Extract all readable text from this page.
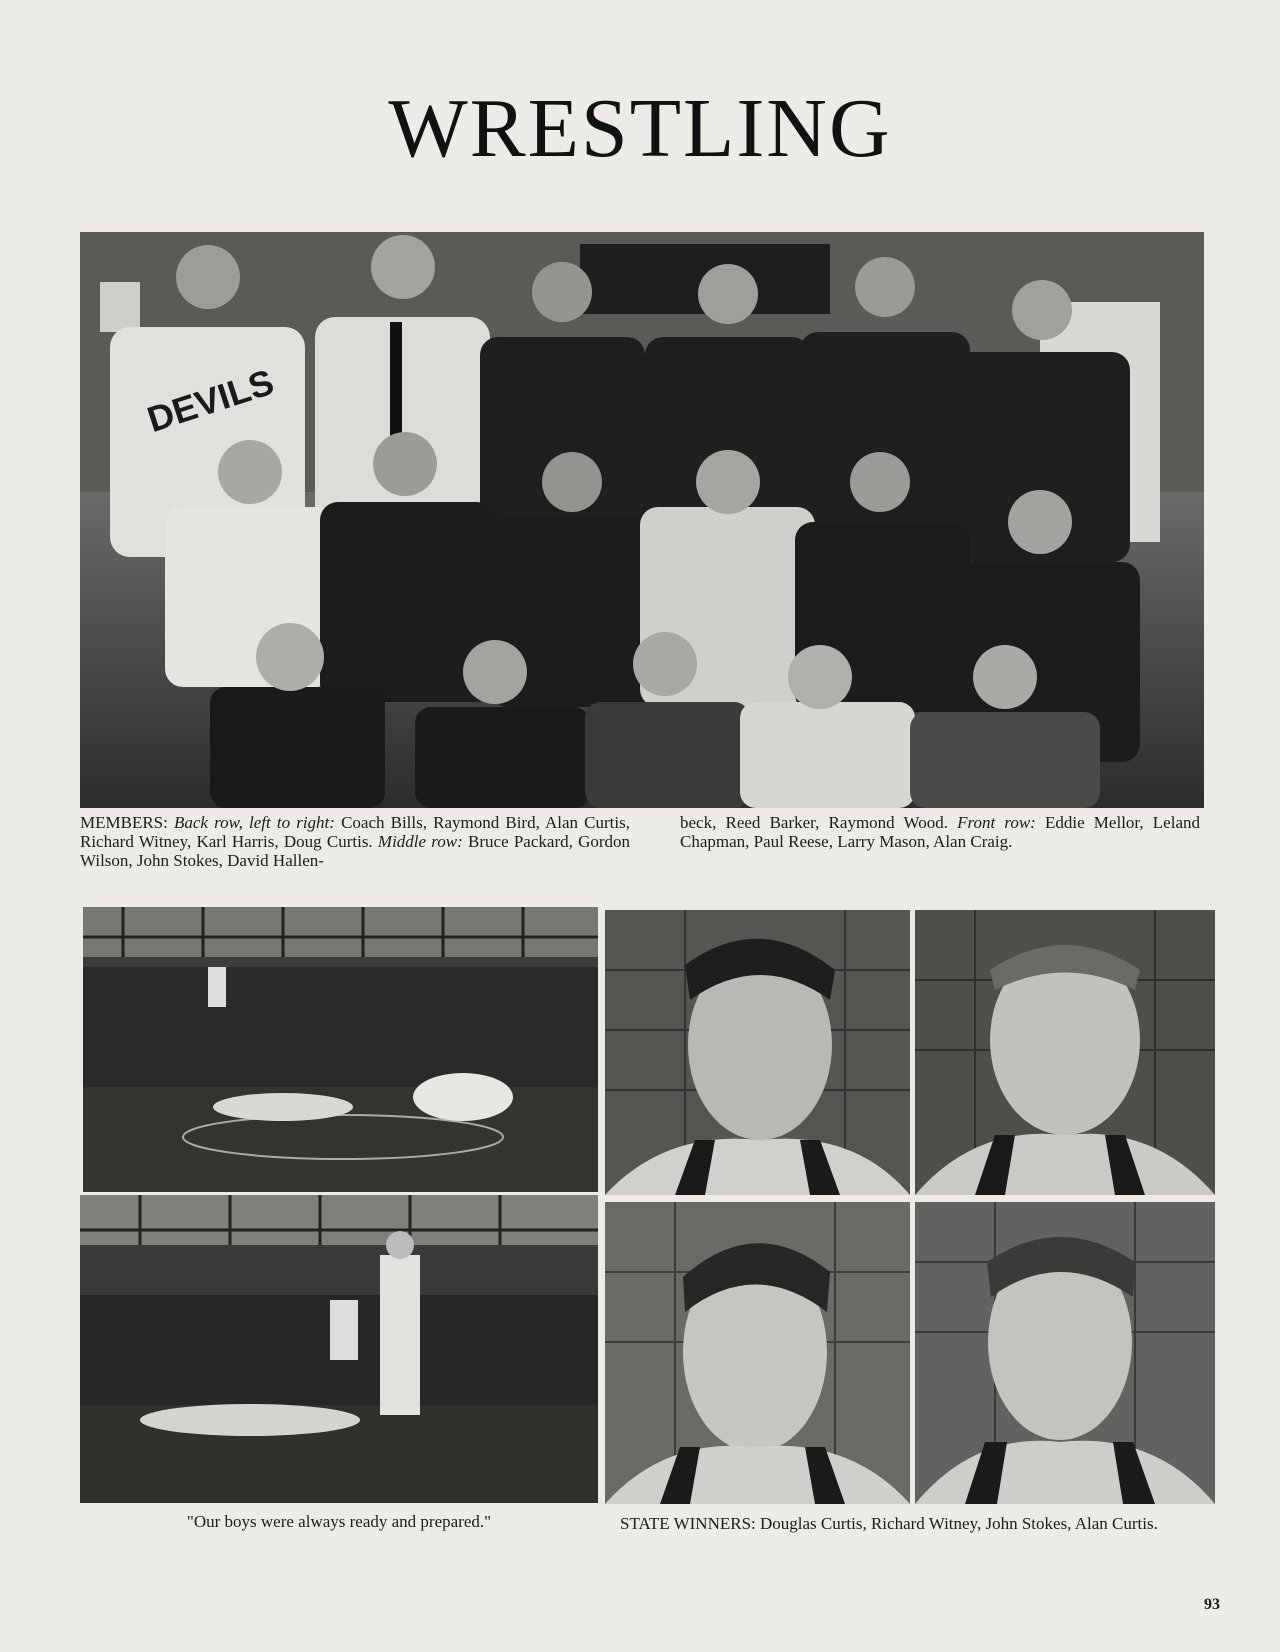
WRESTLING
DEVILS
MEMBERS: Back row, left to right: Coach Bills, Raymond Bird, Alan Curtis, Richard Witney, Karl Harris, Doug Curtis. Middle row: Bruce Packard, Gordon Wilson, John Stokes, David Hallen-
beck, Reed Barker, Raymond Wood. Front row: Eddie Mellor, Leland Chapman, Paul Reese, Larry Mason, Alan Craig.
"Our boys were always ready and prepared."	STATE WINNERS: Douglas Curtis, Richard Witney, John Stokes, Alan Curtis.
93
